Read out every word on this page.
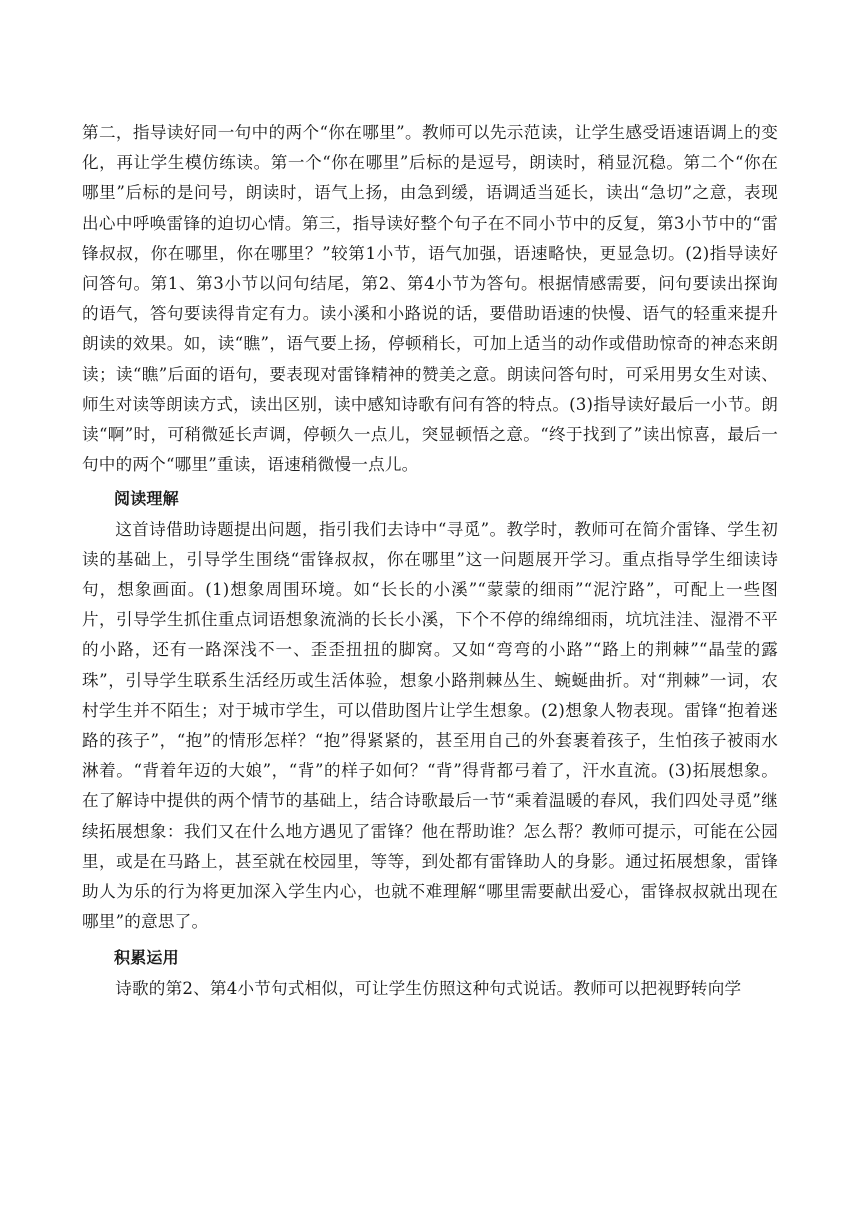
第二，指导读好同一句中的两个“你在哪里”。教师可以先示范读，让学生感受语速语调上的变化，再让学生模仿练读。第一个“你在哪里”后标的是逗号，朗读时，稍显沉稳。第二个“你在哪里”后标的是问号，朗读时，语气上扬，由急到缓，语调适当延长，读出“急切”之意，表现出心中呼唤雷锋的迫切心情。第三，指导读好整个句子在不同小节中的反复，第3小节中的“雷锋叔叔，你在哪里，你在哪里？”较第1小节，语气加强，语速略快，更显急切。(2)指导读好问答句。第1、第3小节以问句结尾，第2、第4小节为答句。根据情感需要，问句要读出探询的语气，答句要读得肯定有力。读小溪和小路说的话，要借助语速的快慢、语气的轻重来提升朗读的效果。如，读“瞧”，语气要上扬，停顿稍长，可加上适当的动作或借助惊奇的神态来朗读；读“瞧”后面的语句，要表现对雷锋精神的赞美之意。朗读问答句时，可采用男女生对读、师生对读等朗读方式，读出区别，读中感知诗歌有问有答的特点。(3)指导读好最后一小节。朗读“啊”时，可稍微延长声调，停顿久一点儿，突显顿悟之意。“终于找到了”读出惊喜，最后一句中的两个“哪里”重读，语速稍微慢一点儿。

阅读理解

这首诗借助诗题提出问题，指引我们去诗中“寻觅”。教学时，教师可在简介雷锋、学生初读的基础上，引导学生围绕“雷锋叔叔，你在哪里”这一问题展开学习。重点指导学生细读诗句，想象画面。(1)想象周围环境。如“长长的小溪”“蒙蒙的细雨”“泥泞路”，可配上一些图片，引导学生抓住重点词语想象流淌的长长小溪，下个不停的绵绵细雨，坑坑洼洼、湿滑不平的小路，还有一路深浅不一、歪歪扭扭的脚窝。又如“弯弯的小路”“路上的荆棘”“晶莹的露珠”，引导学生联系生活经历或生活体验，想象小路荆棘丛生、蜿蜒曲折。对“荆棘”一词，农村学生并不陌生；对于城市学生，可以借助图片让学生想象。(2)想象人物表现。雷锋“抱着迷路的孩子”，“抱”的情形怎样？“抱”得紧紧的，甚至用自己的外套裹着孩子，生怕孩子被雨水淋着。“背着年迈的大娘”，“背”的样子如何？“背”得背都弓着了，汗水直流。(3)拓展想象。在了解诗中提供的两个情节的基础上，结合诗歌最后一节“乘着温暖的春风，我们四处寻觅”继续拓展想象：我们又在什么地方遇见了雷锋？他在帮助谁？怎么帮？教师可提示，可能在公园里，或是在马路上，甚至就在校园里，等等，到处都有雷锋助人的身影。通过拓展想象，雷锋助人为乐的行为将更加深入学生内心，也就不难理解“哪里需要献出爱心，雷锋叔叔就出现在哪里”的意思了。

积累运用

诗歌的第2、第4小节句式相似，可让学生仿照这种句式说话。教师可以把视野转向学
